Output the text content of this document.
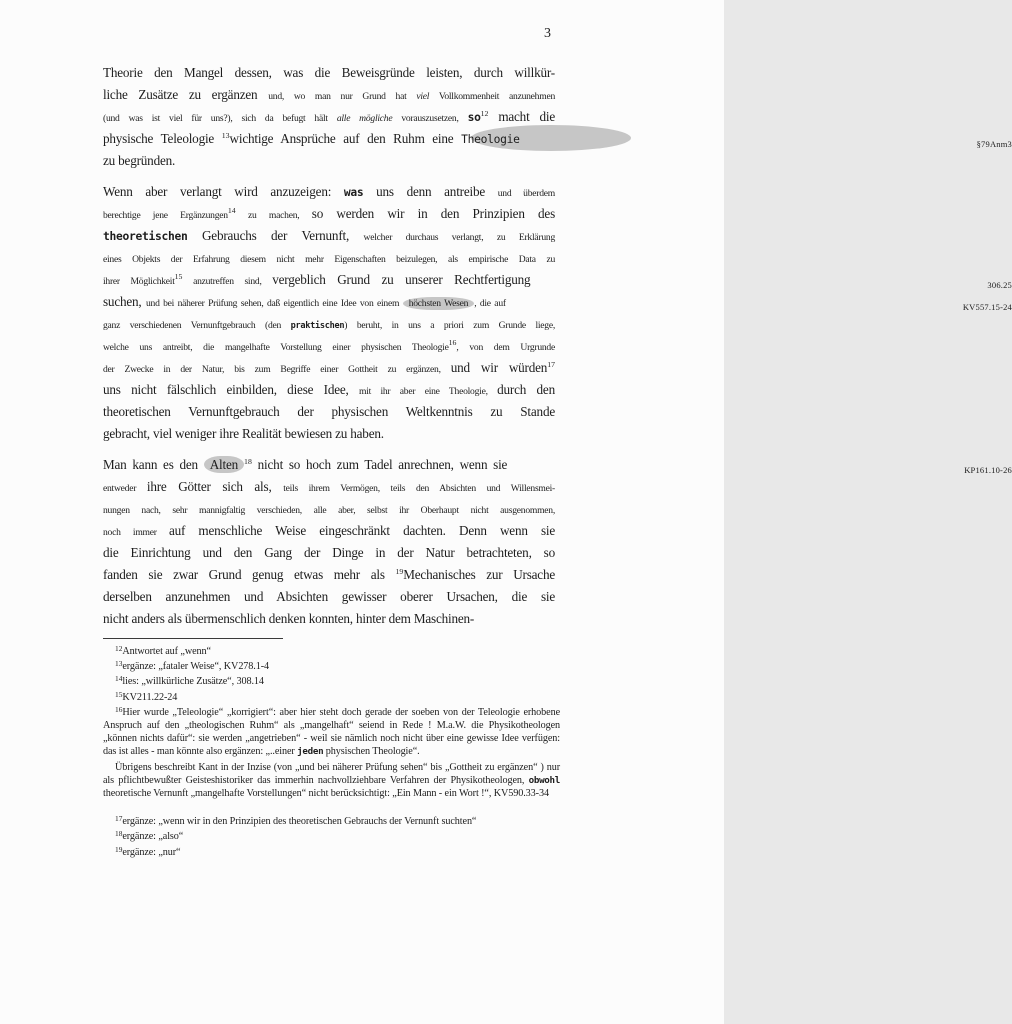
3
Theorie den Mangel dessen, was die Beweisgründe leisten, durch willkür-
liche Zusätze zu ergänzen und, wo man nur Grund hat viel Vollkommenheit anzunehmen
(und was ist viel für uns?), sich da befugt hält alle mögliche vorauszusetzen, $so^{12}$ macht die
physische Teleologie $^{13}$wichtige Ansprüche auf den Ruhm eine Theologie	$_{\S 79Anm3}$
zu begründen.
Wenn aber verlangt wird anzuzeigen: was uns denn antreibe und überdem
berechtige jene Ergänzungen$^{14}$ zu machen, so werden wir in den Prinzipien des
theoretischen Gebrauchs der Vernunft, welcher durchaus verlangt, zu Erklärung
eines Objekts der Erfahrung diesem nicht mehr Eigenschaften beizulegen, als empirische Data zu
ihrer Möglichkeit$^{15}$ anzutreffen sind, vergeblich Grund zu unserer Rechtfertigung	$_{306.25}$
suchen, und bei näherer Prüfung sehen, daß eigentlich eine Idee von einem höchsten Wesen , die auf	$_{KV557.15-24}$
ganz verschiedenen Vernunftgebrauch (den praktischen) beruht, in uns a priori zum Grunde liege,
welche uns antreibt, die mangelhafte Vorstellung einer physischen Theologie$^{16}$, von dem Urgrunde
der Zwecke in der Natur, bis zum Begriffe einer Gottheit zu ergänzen, und wir würden$^{17}$
uns nicht fälschlich einbilden, diese Idee, mit ihr aber eine Theologie, durch den
theoretischen Vernunftgebrauch der physischen Weltkenntnis zu Stande
gebracht, viel weniger ihre Realität bewiesen zu haben.
Man kann es den Alten $^{18}$ nicht so hoch zum Tadel anrechnen, wenn sie	$_{KP161.10-26}$
entweder ihre Götter sich als, teils ihrem Vermögen, teils den Absichten und Willensmei-
nungen nach, sehr mannigfaltig verschieden, alle aber, selbst ihr Oberhaupt nicht ausgenommen,
noch immer auf menschliche Weise eingeschränkt dachten. Denn wenn sie
die Einrichtung und den Gang der Dinge in der Natur betrachteten, so
fanden sie zwar Grund genug etwas mehr als $^{19}$Mechanisches zur Ursache
derselben anzunehmen und Absichten gewisser oberer Ursachen, die sie
nicht anders als übermenschlich denken konnten, hinter dem Maschinen-
$^{12}$Antwortet auf „wenn“
$^{13}$ergänze: „fataler Weise“, KV278.1-4
$^{14}$lies: „willkürliche Zusätze“, 308.14
$^{15}$KV211.22-24
$^{16}$Hier wurde „Teleologie“ „korrigiert“: aber hier steht doch gerade der soeben von der Teleologie erhobene Anspruch auf den „theologischen Ruhm“ als „mangelhaft“ seiend in Rede ! M.a.W. die Physikotheologen „können nichts dafür“: sie werden „angetrieben“ - weil sie nämlich noch nicht über eine gewisse Idee verfügen: das ist alles - man könnte also ergänzen: „..einer jeden physischen Theologie“.
Übrigens beschreibt Kant in der Inzise (von „und bei näherer Prüfung sehen“ bis „Gottheit zu ergänzen“ ) nur als pflichtbewußter Geisteshistoriker das immerhin nachvollziehbare Verfahren der Physikotheologen, obwohl theoretische Vernunft „mangelhafte Vorstellungen“ nicht berücksichtigt: „Ein Mann - ein Wort !“, KV590.33-34
$^{17}$ergänze: „wenn wir in den Prinzipien des theoretischen Gebrauchs der Vernunft suchten“
$^{18}$ergänze: „also“
$^{19}$ergänze: „nur“
